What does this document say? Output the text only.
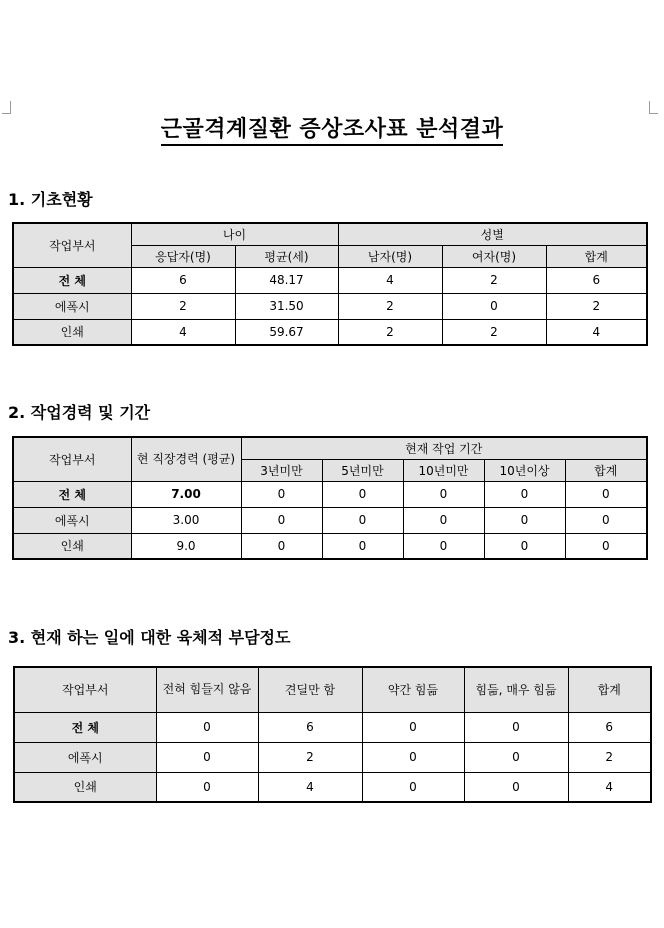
근골격계질환 증상조사표 분석결과
1. 기초현황
작업부서	나이		성별		
	응답자(명)	평균(세)	남자(명)	여자(명)	합계
전 체	6	48.17	4	2	6
에폭시	2	31.50	2	0	2
인쇄	4	59.67	2	2	4
2. 작업경력 및 기간
작업부서	현 직장경력 (평균)	현재 작업 기간				
		3년미만	5년미만	10년미만	10년이상	합계
전 체	7.00	0	0	0	0	0
에폭시	3.00	0	0	0	0	0
인쇄	9.0	0	0	0	0	0
3. 현재 하는 일에 대한 육체적 부담정도
작업부서	전혀 힘들지 않음	견딜만 함	약간 힘듦	힘듦, 매우 힘듦	합계
전 체	0	6	0	0	6
에폭시	0	2	0	0	2
인쇄	0	4	0	0	4
